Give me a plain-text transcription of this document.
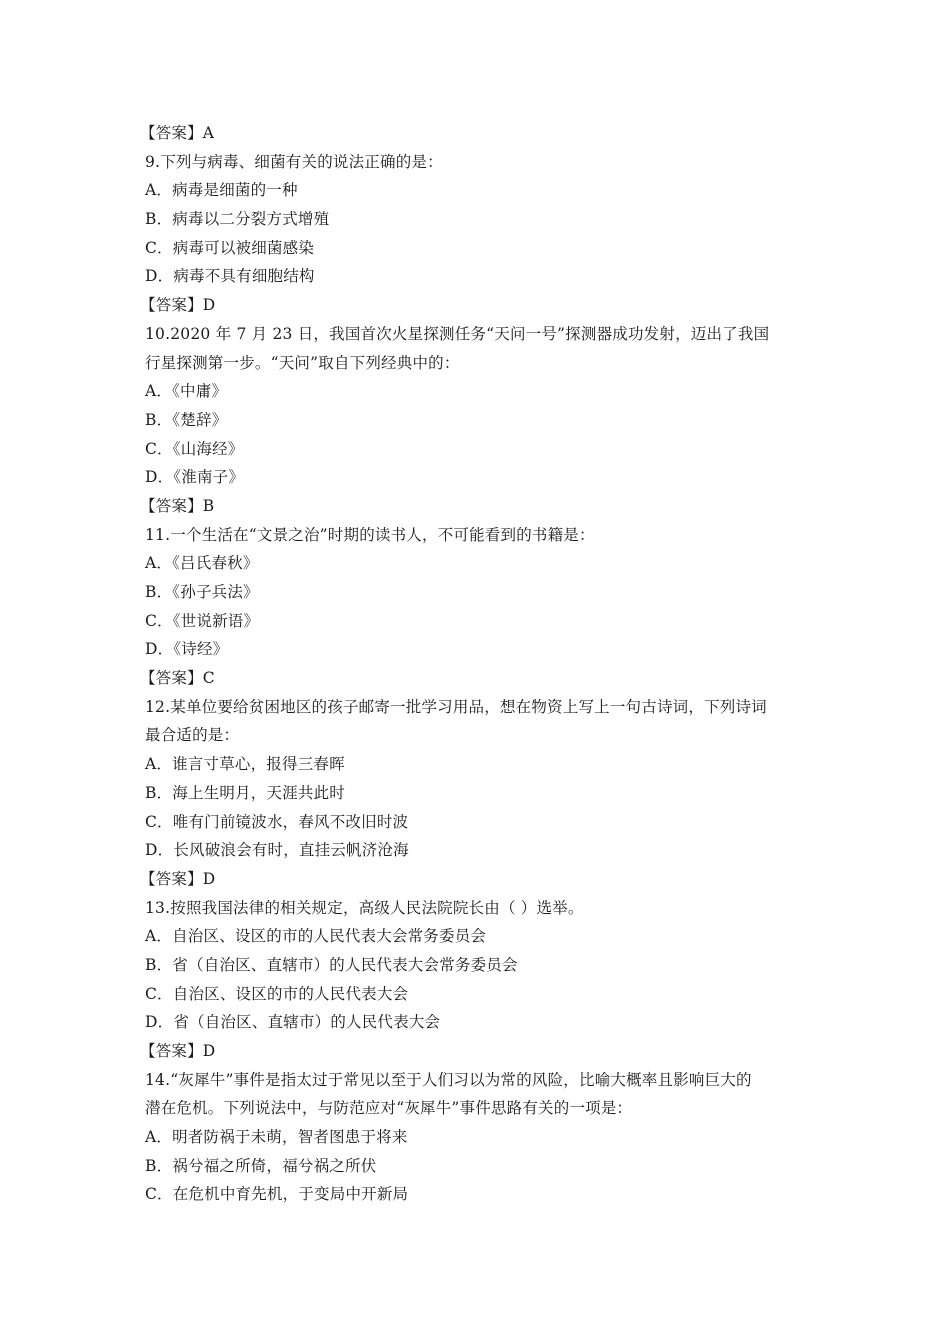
【答案】A
9.下列与病毒、细菌有关的说法正确的是：
A．病毒是细菌的一种
B．病毒以二分裂方式增殖
C．病毒可以被细菌感染
D．病毒不具有细胞结构
【答案】D
10.2020 年 7 月 23 日，我国首次火星探测任务“天问一号”探测器成功发射，迈出了我国
行星探测第一步。“天问”取自下列经典中的：
A．《中庸》
B．《楚辞》
C．《山海经》
D．《淮南子》
【答案】B
11.一个生活在“文景之治”时期的读书人，不可能看到的书籍是：
A．《吕氏春秋》
B．《孙子兵法》
C．《世说新语》
D．《诗经》
【答案】C
12.某单位要给贫困地区的孩子邮寄一批学习用品，想在物资上写上一句古诗词，下列诗词
最合适的是：
A．谁言寸草心，报得三春晖
B．海上生明月，天涯共此时
C．唯有门前镜波水，春风不改旧时波
D．长风破浪会有时，直挂云帆济沧海
【答案】D
13.按照我国法律的相关规定，高级人民法院院长由（ ）选举。
A．自治区、设区的市的人民代表大会常务委员会
B．省（自治区、直辖市）的人民代表大会常务委员会
C．自治区、设区的市的人民代表大会
D．省（自治区、直辖市）的人民代表大会
【答案】D
14.“灰犀牛”事件是指太过于常见以至于人们习以为常的风险，比喻大概率且影响巨大的
潜在危机。下列说法中，与防范应对“灰犀牛”事件思路有关的一项是：
A．明者防祸于未萌，智者图患于将来
B．祸兮福之所倚，福兮祸之所伏
C．在危机中育先机，于变局中开新局
